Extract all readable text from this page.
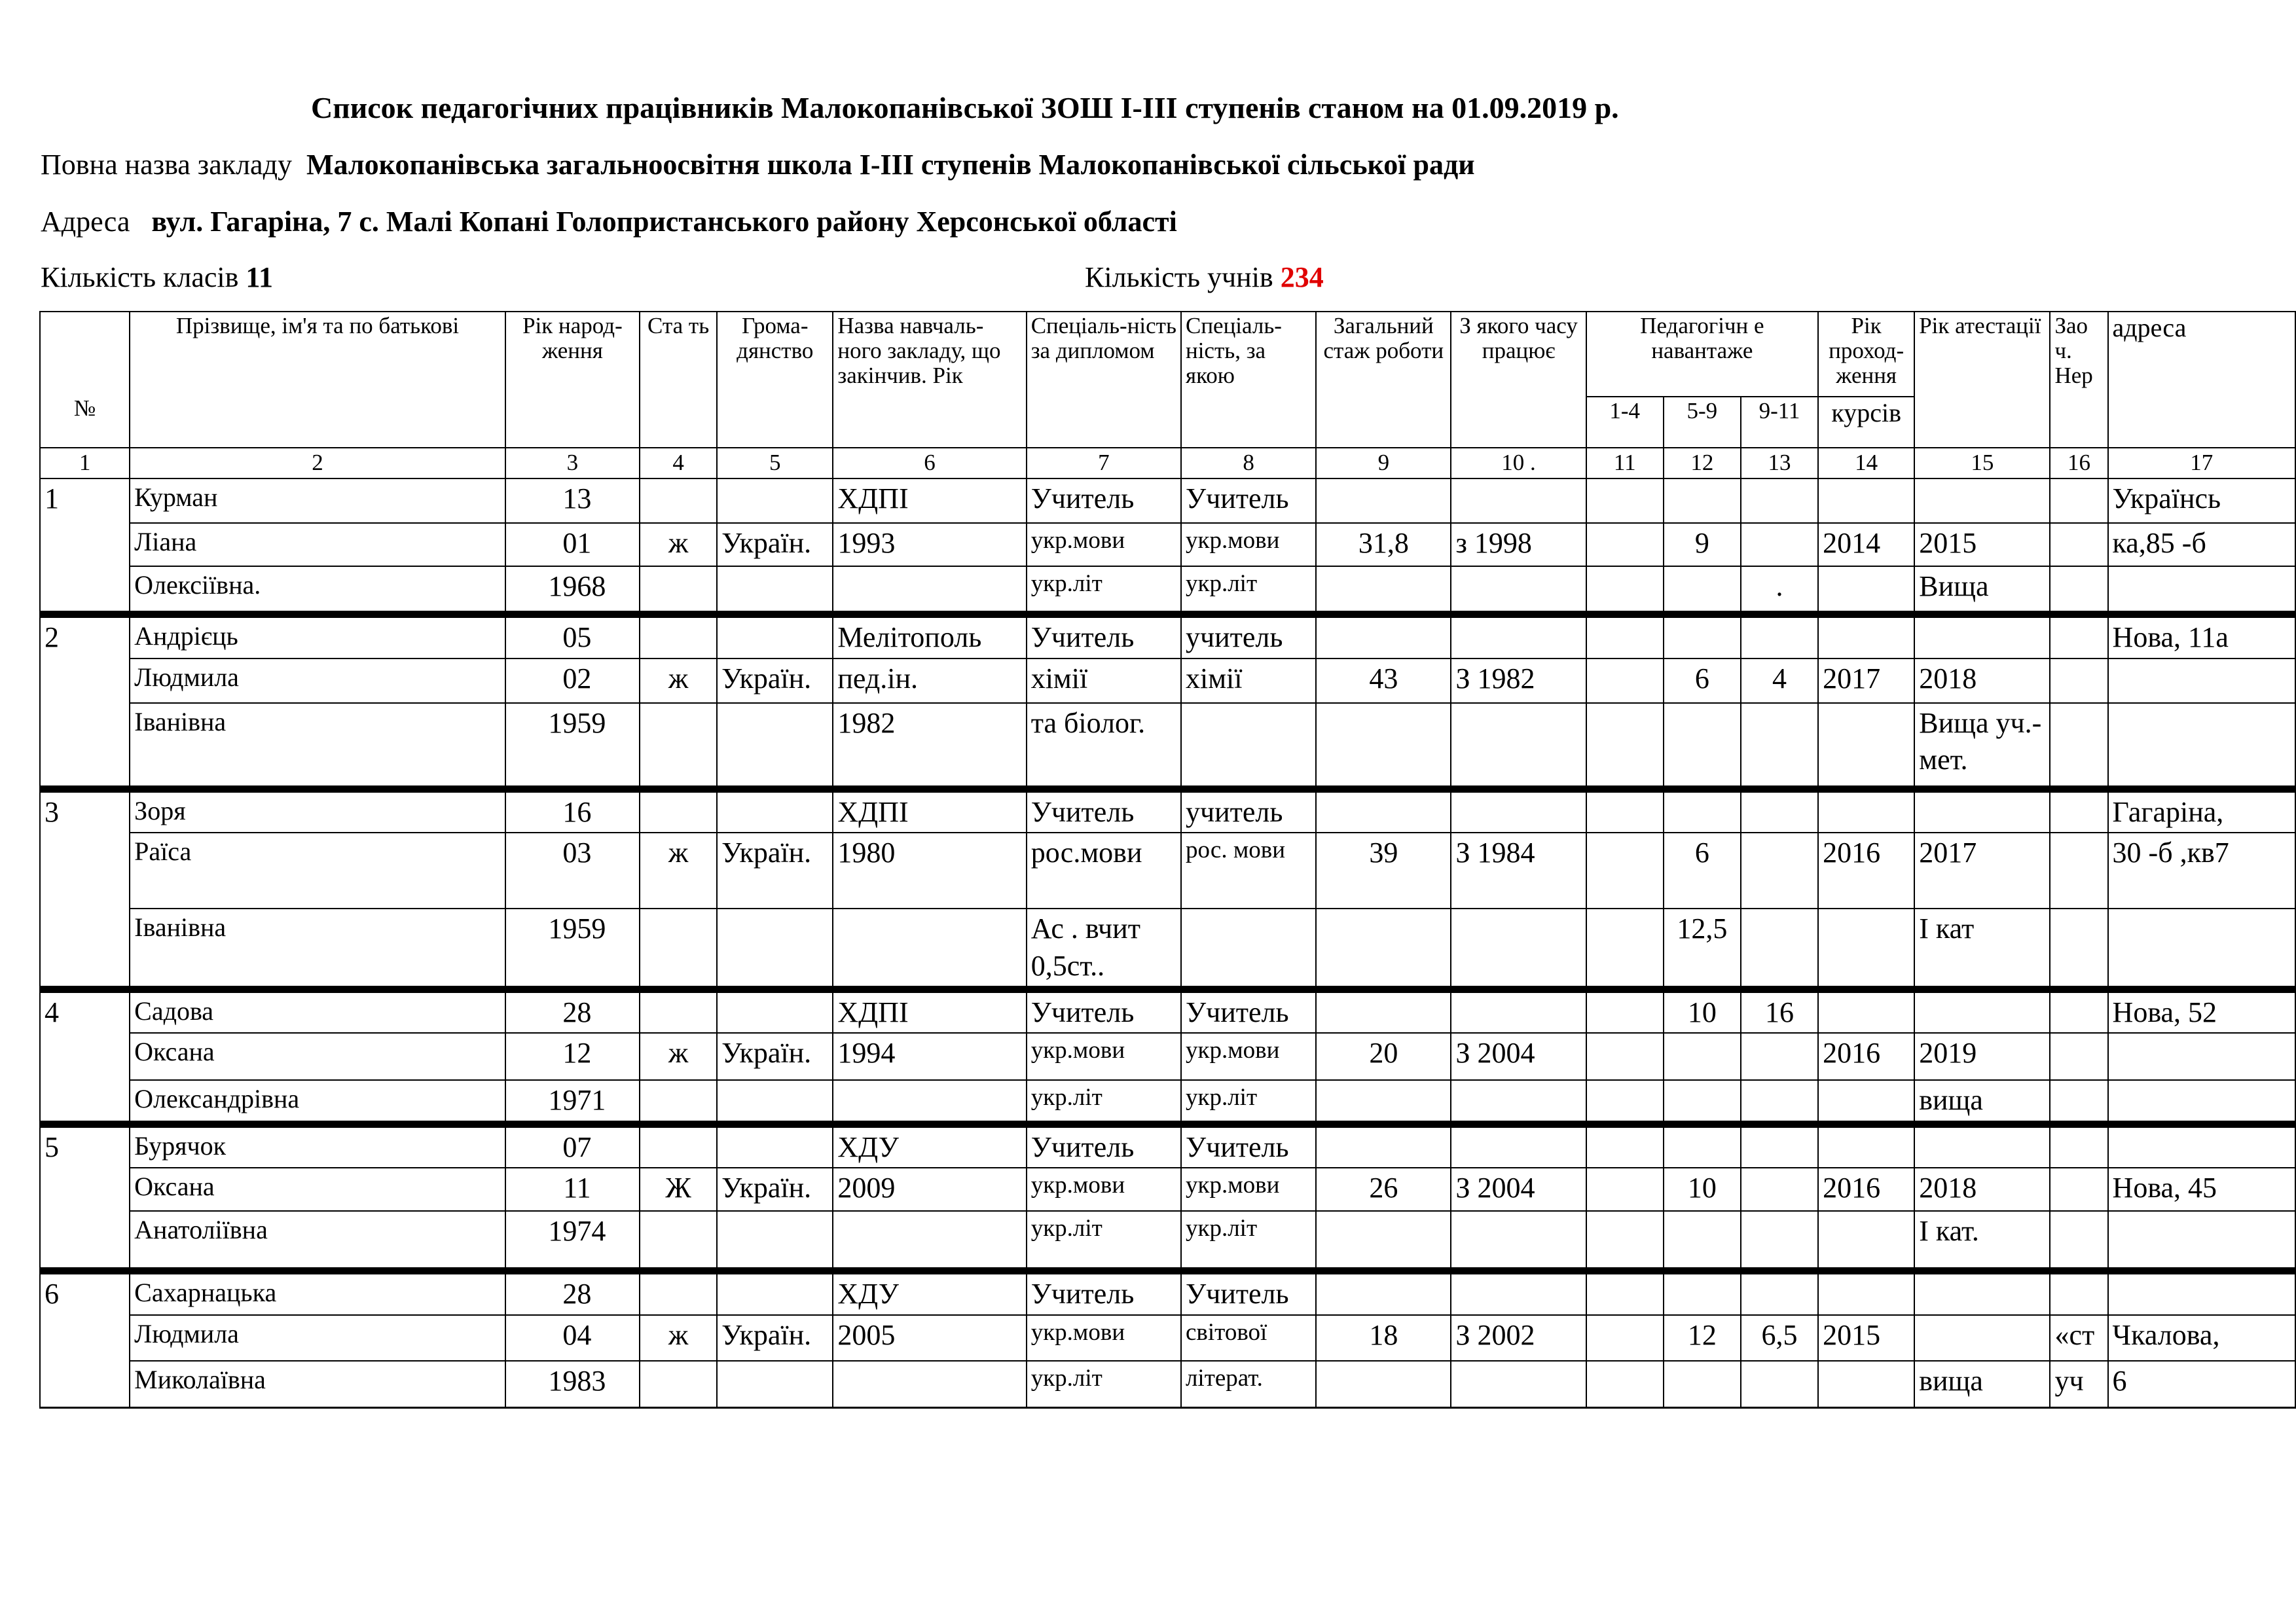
Список педагогічних працівників Малокопанівської ЗОШ І-ІІІ ступенів станом на 01.09.2019 р.
Повна назва закладу Малокопанівська загальноосвітня школа І-ІІІ ступенів Малокопанівської сільської ради
Адреса вул. Гагаріна, 7 с. Малі Копані Голопристанського району Херсонської області
Кількість класів 11	Кількість учнів 234
№	Прізвище, ім'я та по батькові	Рік народ-ження	Ста ть	Грома-дянство	Назва навчаль-ного закладу, що закінчив. Рік	Спеціаль-ність за дипломом	Спеціаль-ність, за якою	Загальний стаж роботи	З якого часу працює	Педагогічн е навантаже			Рік проход-ження	Рік атестації	Зао ч. Нер	адреса
										1-4	5-9	9-11	курсів			
1	2	3	4	5	6	7	8	9	10 .	11	12	13	14	15	16	17
1	Курман	13			ХДПІ	Учитель	Учитель									Українсь
	Ліана	01	ж	Україн.	1993	укр.мови	укр.мови	31,8	з 1998		9		2014	2015		ка,85 -б
	Олексіївна.	1968				укр.літ	укр.літ					.		Вища		
2	Андрієць	05			Мелітополь	Учитель	учитель									Нова, 11а
	Людмила	02	ж	Україн.	пед.ін.	хімії	хімії	43	З 1982		6	4	2017	2018		
	Іванівна	1959			1982	та біолог.								Вища уч.-мет.		
3	Зоря	16			ХДПІ	Учитель	учитель									Гагаріна,
	Раїса	03	ж	Україн.	1980	рос.мови	рос. мови	39	З 1984		6		2016	2017		30 -б ,кв7
	Іванівна	1959				Ас . вчит 0,5ст..					12,5			І кат		
4	Садова	28			ХДПІ	Учитель	Учитель				10	16				Нова, 52
	Оксана	12	ж	Україн.	1994	укр.мови	укр.мови	20	З 2004				2016	2019		
	Олександрівна	1971				укр.літ	укр.літ							вища		
5	Бурячок	07			ХДУ	Учитель	Учитель									
	Оксана	11	Ж	Україн.	2009	укр.мови	укр.мови	26	З 2004		10		2016	2018		Нова, 45
	Анатоліївна	1974				укр.літ	укр.літ							І кат.		
6	Сахарнацька	28			ХДУ	Учитель	Учитель									
	Людмила	04	ж	Україн.	2005	укр.мови	світової	18	З 2002		12	6,5	2015		«ст	Чкалова,
	Миколаївна	1983				укр.літ	літерат.							вища	уч	6
